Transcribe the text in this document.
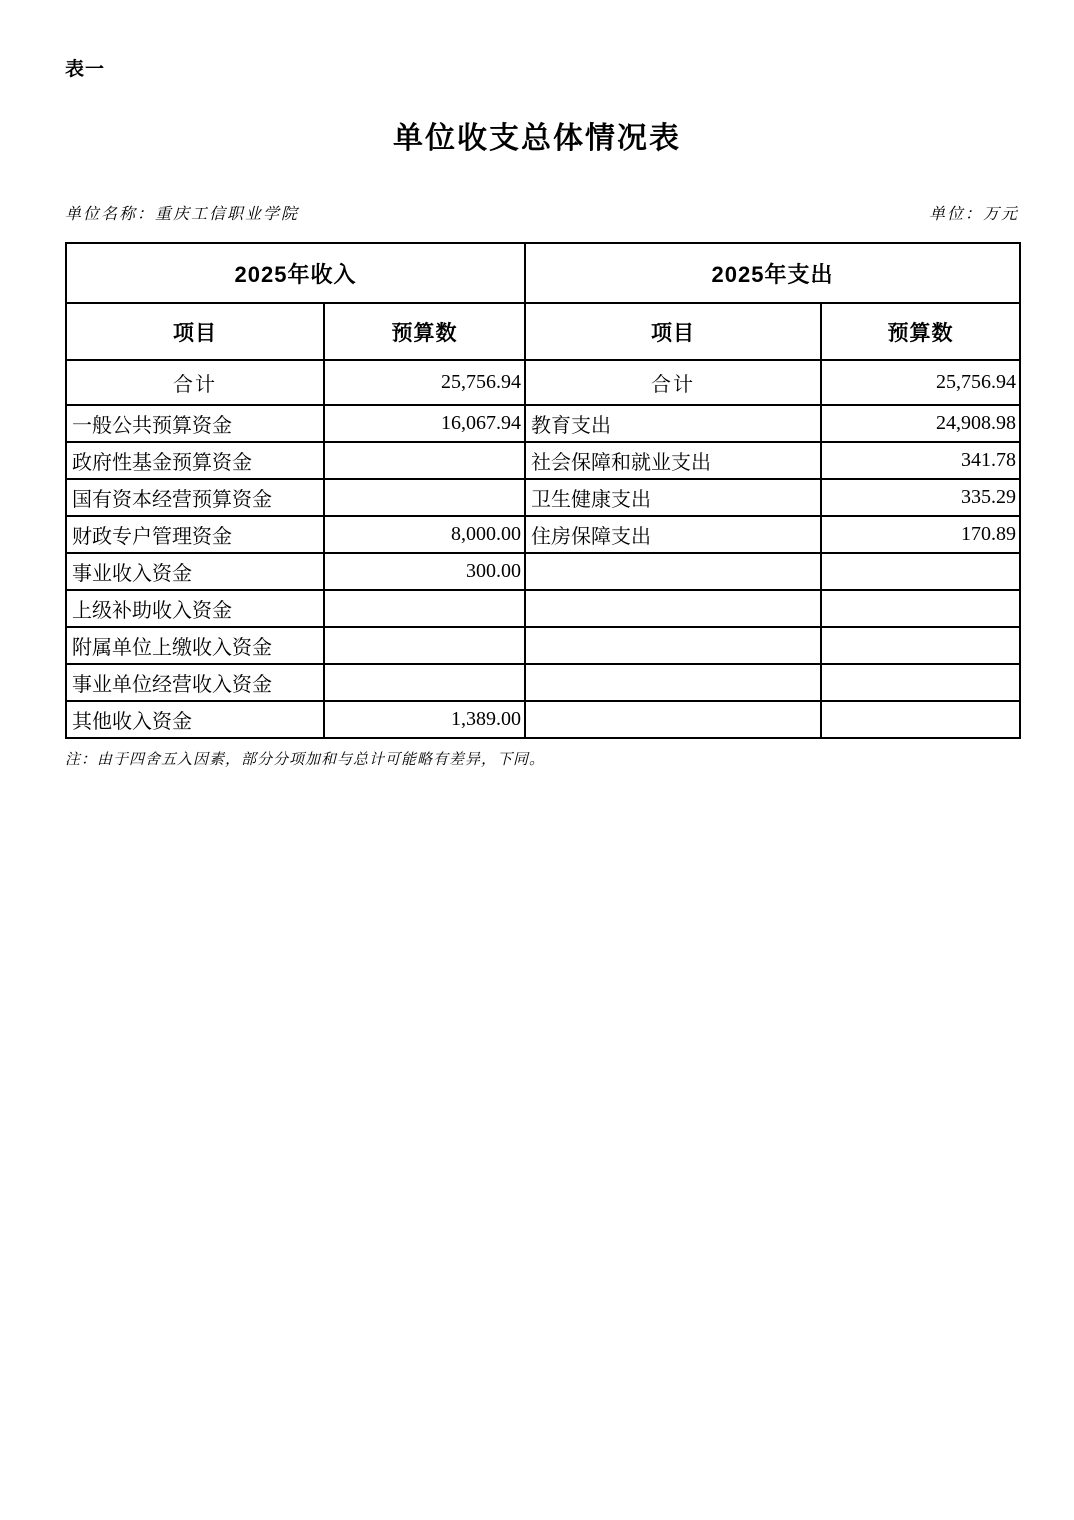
表一
单位收支总体情况表
单位名称：重庆工信职业学院	单位：万元
2025年收入		2025年支出	
项目	预算数	项目	预算数
合计	25,756.94	合计	25,756.94
一般公共预算资金	16,067.94	教育支出	24,908.98
政府性基金预算资金		社会保障和就业支出	341.78
国有资本经营预算资金		卫生健康支出	335.29
财政专户管理资金	8,000.00	住房保障支出	170.89
事业收入资金	300.00		
上级补助收入资金			
附属单位上缴收入资金			
事业单位经营收入资金			
其他收入资金	1,389.00		
注：由于四舍五入因素，部分分项加和与总计可能略有差异，下同。
